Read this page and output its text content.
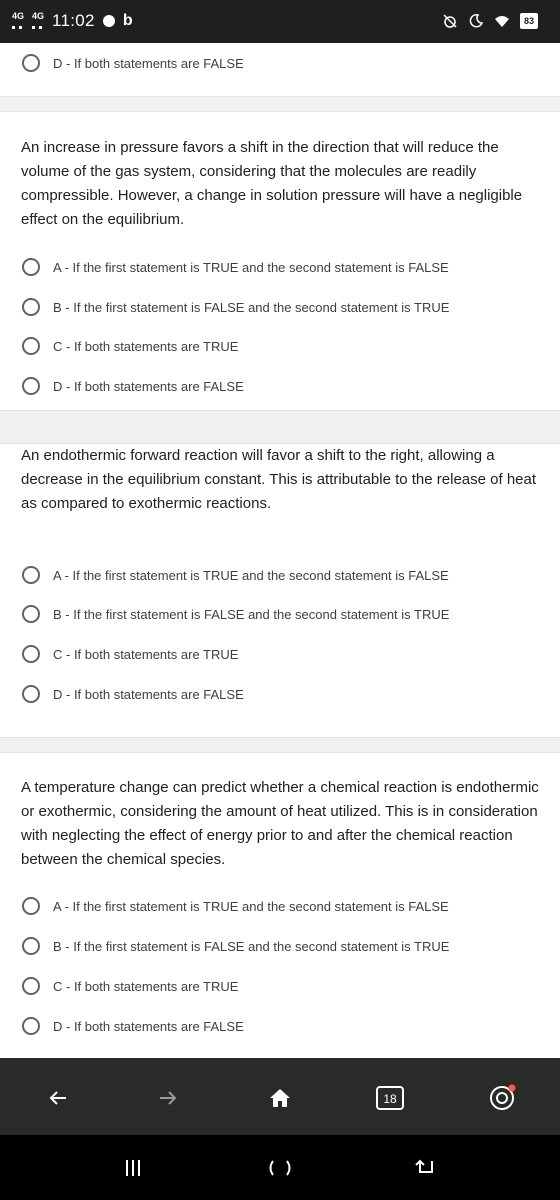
4G 4G 11:02 b	83
D - If both statements are FALSE
An increase in pressure favors a shift in the direction that will reduce the volume of the gas system, considering that the molecules are readily compressible. However, a change in solution pressure will have a negligible effect on the equilibrium.
A - If the first statement is TRUE and the second statement is FALSE
B - If the first statement is FALSE and the second statement is TRUE
C - If both statements are TRUE
D - If both statements are FALSE
An endothermic forward reaction will favor a shift to the right, allowing a decrease in the equilibrium constant. This is attributable to the release of heat as compared to exothermic reactions.
A - If the first statement is TRUE and the second statement is FALSE
B - If the first statement is FALSE and the second statement is TRUE
C - If both statements are TRUE
D - If both statements are FALSE
A temperature change can predict whether a chemical reaction is endothermic or exothermic, considering the amount of heat utilized. This is in consideration with neglecting the effect of energy prior to and after the chemical reaction between the chemical species.
A - If the first statement is TRUE and the second statement is FALSE
B - If the first statement is FALSE and the second statement is TRUE
C - If both statements are TRUE
D - If both statements are FALSE
18
